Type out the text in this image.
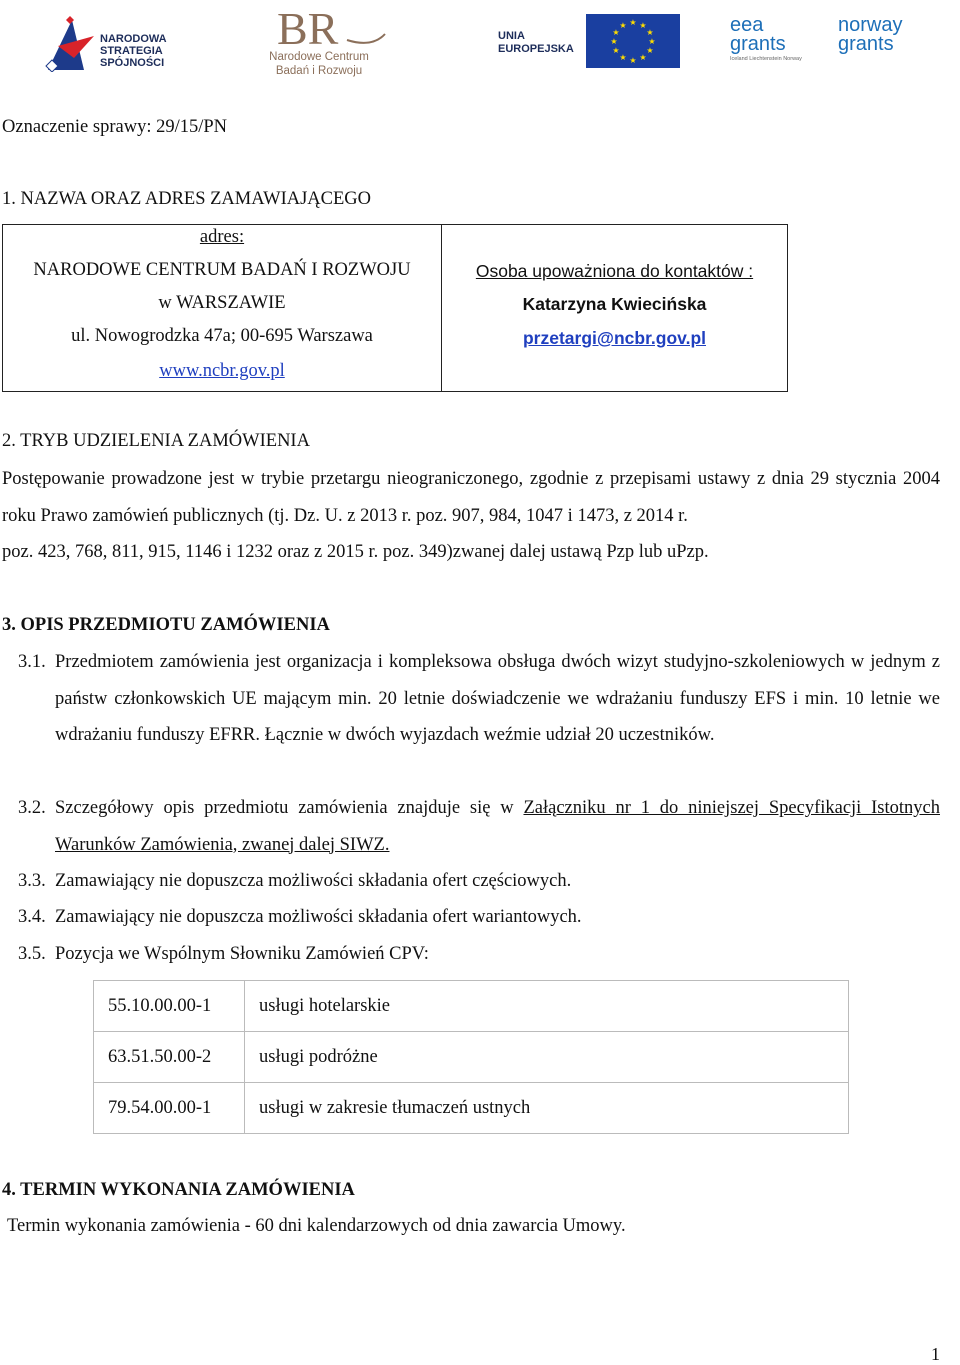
NARODOWA
STRATEGIA SPÓJNOŚCI
BR
Narodowe Centrum
Badań i Rozwoju
UNIA
EUROPEJSKA
★ ★
★
★
★
★
★
★
★
★
★
★	eea
grants
Iceland Liechtenstein Norway
norway
grants

Oznaczenie sprawy: 29/15/PN

1. NAZWA ORAZ ADRES ZAMAWIAJĄCEGO
adres:
NARODOWE CENTRUM BADAŃ I ROZWOJU
w WARSZAWIE
ul. Nowogrodzka 47a; 00-695 Warszawa
www.ncbr.gov.pl
Osoba upoważniona do kontaktów :
Katarzyna Kwiecińska
przetargi@ncbr.gov.pl
2. TRYB UDZIELENIA ZAMÓWIENIA
Postępowanie prowadzone jest w trybie przetargu nieograniczonego, zgodnie z przepisami ustawy z dnia 29 stycznia 2004 roku Prawo zamówień publicznych (tj. Dz. U. z 2013 r. poz. 907, 984, 1047 i 1473, z 2014 r.
poz. 423, 768, 811, 915, 1146 i 1232 oraz z 2015 r. poz. 349)zwanej dalej ustawą Pzp lub uPzp.
3. OPIS PRZEDMIOTU ZAMÓWIENIA
3.1. Przedmiotem zamówienia jest organizacja i kompleksowa obsługa dwóch wizyt studyjno-szkoleniowych w jednym z państw członkowskich UE mającym min. 20 letnie doświadczenie we wdrażaniu funduszy EFS i min. 10 letnie we wdrażaniu funduszy EFRR. Łącznie w dwóch wyjazdach weźmie udział 20 uczestników.
3.2. Szczegółowy opis przedmiotu zamówienia znajduje się w Załączniku nr 1 do niniejszej Specyfikacji Istotnych Warunków Zamówienia, zwanej dalej SIWZ.
3.3. Zamawiający nie dopuszcza możliwości składania ofert częściowych.
3.4. Zamawiający nie dopuszcza możliwości składania ofert wariantowych.
3.5. Pozycja we Wspólnym Słowniku Zamówień CPV:
55.10.00.00-1	usługi hotelarskie
63.51.50.00-2	usługi podróżne
79.54.00.00-1	usługi w zakresie tłumaczeń ustnych
4. TERMIN WYKONANIA ZAMÓWIENIA

Termin wykonania zamówienia - 60 dni kalendarzowych od dnia zawarcia Umowy.

1
